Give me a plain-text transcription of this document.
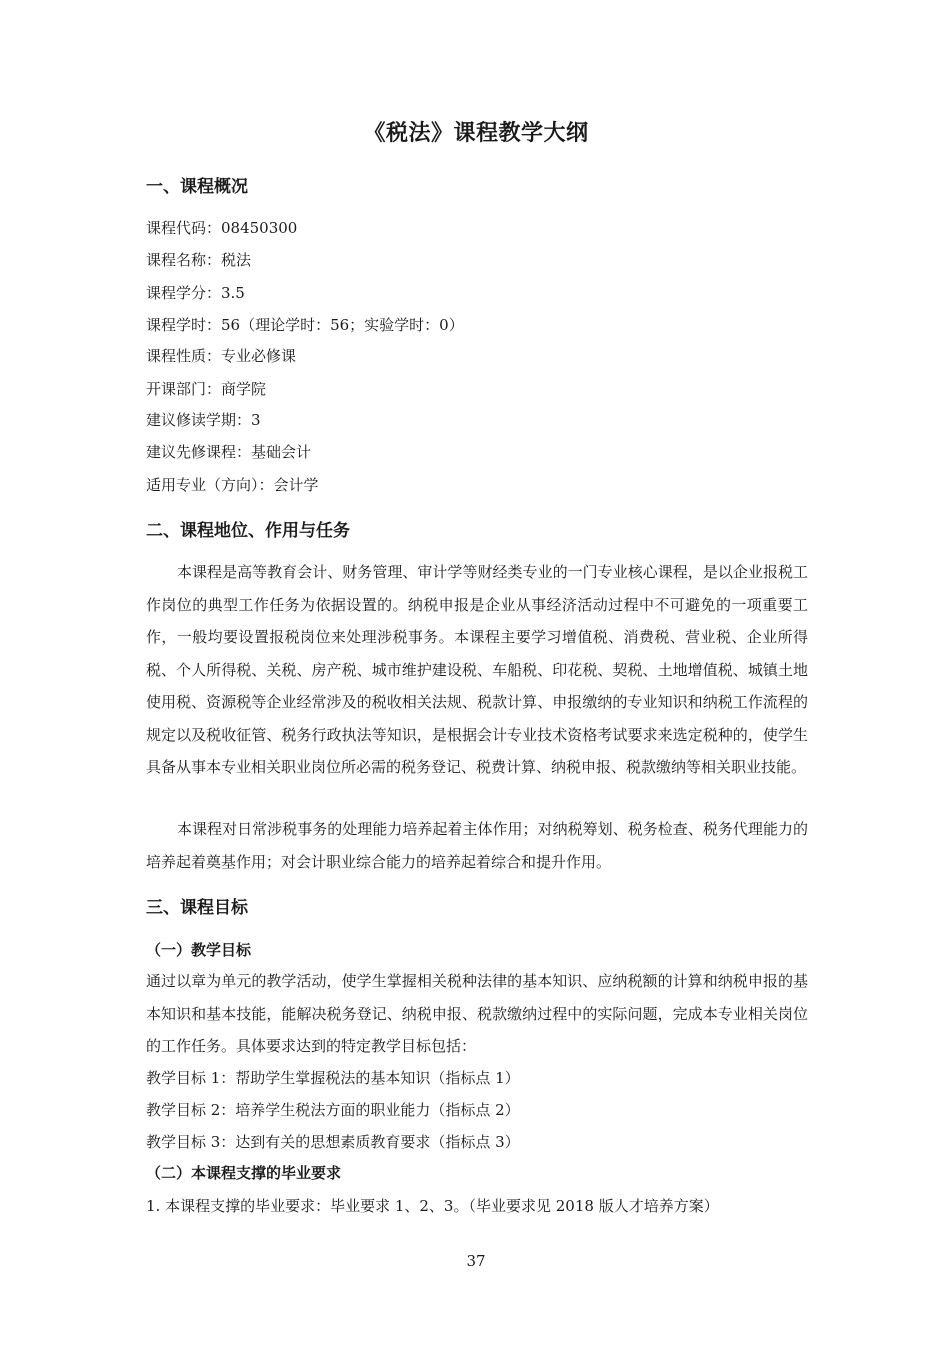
《税法》课程教学大纲
一、课程概况
课程代码：08450300
课程名称：税法
课程学分：3.5
课程学时：56（理论学时：56；实验学时：0）
课程性质：专业必修课
开课部门：商学院
建议修读学期：3
建议先修课程：基础会计
适用专业（方向）：会计学
二、课程地位、作用与任务

本课程是高等教育会计、财务管理、审计学等财经类专业的一门专业核心课程，是以企业报税工作岗位的典型工作任务为依据设置的。纳税申报是企业从事经济活动过程中不可避免的一项重要工作，一般均要设置报税岗位来处理涉税事务。本课程主要学习增值税、消费税、营业税、企业所得税、个人所得税、关税、房产税、城市维护建设税、车船税、印花税、契税、土地增值税、城镇土地使用税、资源税等企业经常涉及的税收相关法规、税款计算、申报缴纳的专业知识和纳税工作流程的规定以及税收征管、税务行政执法等知识，是根据会计专业技术资格考试要求来选定税种的，使学生具备从事本专业相关职业岗位所必需的税务登记、税费计算、纳税申报、税款缴纳等相关职业技能。

本课程对日常涉税事务的处理能力培养起着主体作用；对纳税筹划、税务检查、税务代理能力的培养起着奠基作用；对会计职业综合能力的培养起着综合和提升作用。

三、课程目标
（一）教学目标

通过以章为单元的教学活动，使学生掌握相关税种法律的基本知识、应纳税额的计算和纳税申报的基本知识和基本技能，能解决税务登记、纳税申报、税款缴纳过程中的实际问题，完成本专业相关岗位的工作任务。具体要求达到的特定教学目标包括：

教学目标 1：帮助学生掌握税法的基本知识（指标点 1）
教学目标 2：培养学生税法方面的职业能力（指标点 2）
教学目标 3：达到有关的思想素质教育要求（指标点 3）
（二）本课程支撑的毕业要求
1. 本课程支撑的毕业要求：毕业要求 1、2、3。（毕业要求见 2018 版人才培养方案）
37
